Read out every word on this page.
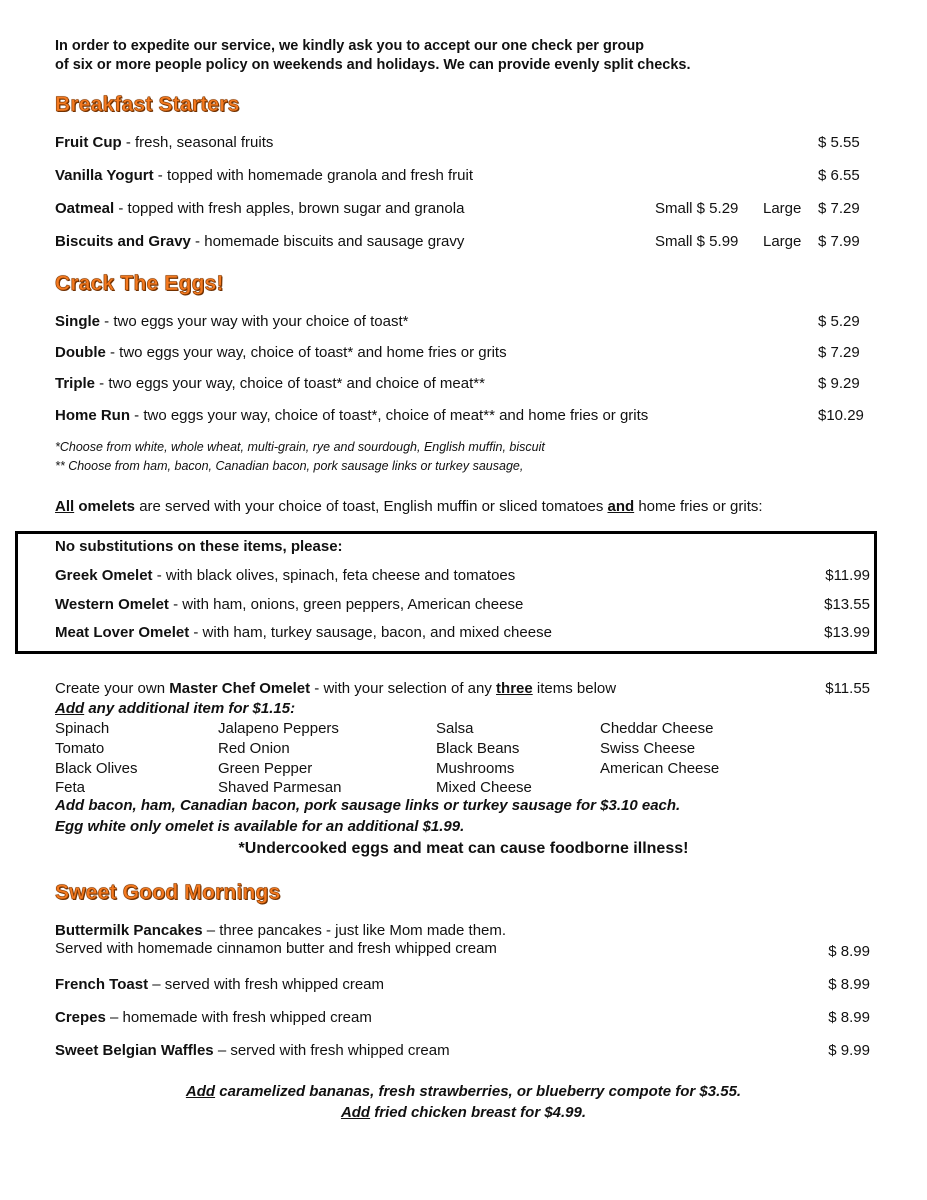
In order to expedite our service, we kindly ask you to accept our one check per group
of six or more people policy on weekends and holidays. We can provide evenly split checks.
Breakfast Starters
Fruit Cup - fresh, seasonal fruits	$ 5.55
Vanilla Yogurt - topped with homemade granola and fresh fruit	$ 6.55
Oatmeal - topped with fresh apples, brown sugar and granola	Small $ 5.29 Large $ 7.29
Biscuits and Gravy - homemade biscuits and sausage gravy	Small $ 5.99 Large $ 7.99
Crack The Eggs!
Single - two eggs your way with your choice of toast*	$ 5.29
Double - two eggs your way, choice of toast* and home fries or grits	$ 7.29
Triple - two eggs your way, choice of toast* and choice of meat**	$ 9.29
Home Run - two eggs your way, choice of toast*, choice of meat** and home fries or grits	$10.29
*Choose from white, whole wheat, multi-grain, rye and sourdough, English muffin, biscuit
** Choose from ham, bacon, Canadian bacon, pork sausage links or turkey sausage,
All omelets are served with your choice of toast, English muffin or sliced tomatoes and home fries or grits:
No substitutions on these items, please:
Greek Omelet - with black olives, spinach, feta cheese and tomatoes	$11.99
Western Omelet - with ham, onions, green peppers, American cheese	$13.55
Meat Lover Omelet - with ham, turkey sausage, bacon, and mixed cheese	$13.99
Create your own Master Chef Omelet - with your selection of any three items below	$11.55
Add any additional item for $1.15:
Spinach	Jalapeno Peppers	Salsa	Cheddar Cheese
Tomato	Red Onion	Black Beans	Swiss Cheese
Black Olives	Green Pepper	Mushrooms	American Cheese
Feta	Shaved Parmesan	Mixed Cheese
Add bacon, ham, Canadian bacon, pork sausage links or turkey sausage for $3.10 each.
Egg white only omelet is available for an additional $1.99.
*Undercooked eggs and meat can cause foodborne illness!
Sweet Good Mornings
Buttermilk Pancakes – three pancakes - just like Mom made them.
Served with homemade cinnamon butter and fresh whipped cream	$ 8.99
French Toast – served with fresh whipped cream	$ 8.99
Crepes – homemade with fresh whipped cream	$ 8.99
Sweet Belgian Waffles – served with fresh whipped cream	$ 9.99
Add caramelized bananas, fresh strawberries, or blueberry compote for $3.55.
Add fried chicken breast for $4.99.
